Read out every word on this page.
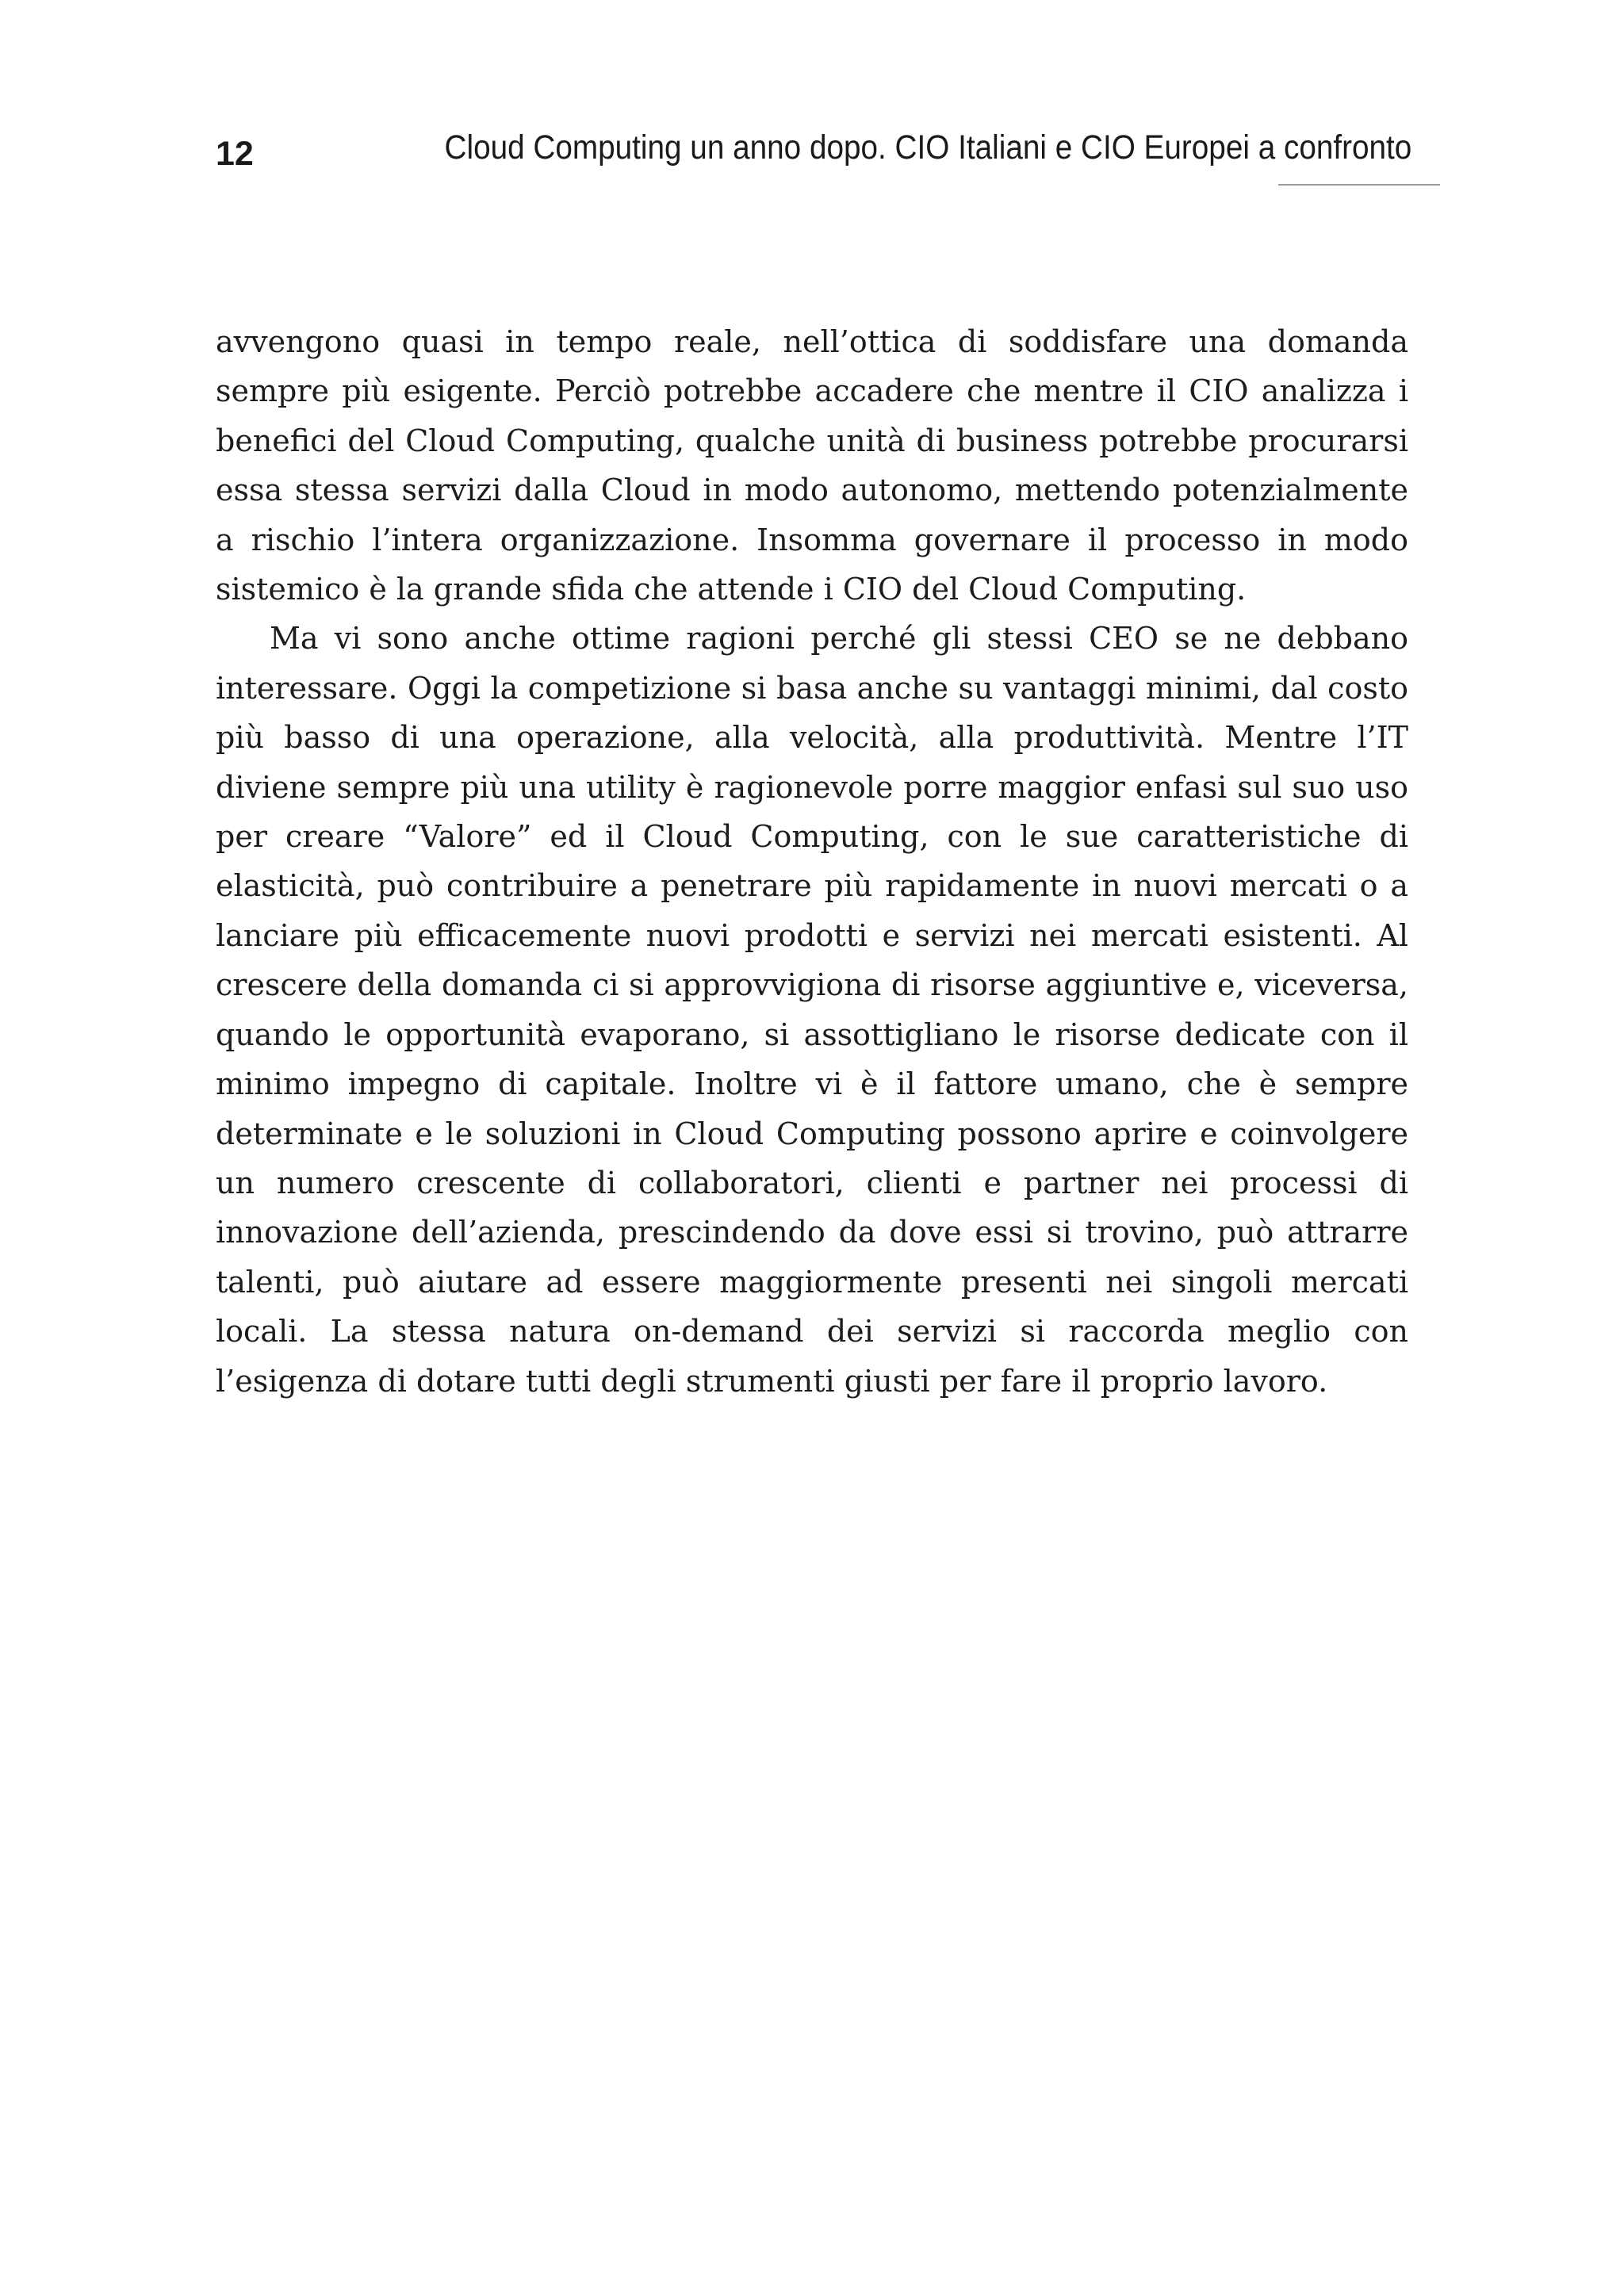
12	Cloud Computing un anno dopo. CIO Italiani e CIO Europei a confronto

avvengono quasi in tempo reale, nell’ottica di soddisfare una domanda sempre più esigente. Perciò potrebbe accadere che mentre il CIO analizza i benefici del Cloud Computing, qualche unità di business potrebbe procurarsi essa stessa servizi dalla Cloud in modo autonomo, mettendo potenzialmente a rischio l’intera organizzazione. Insomma governare il processo in modo sistemico è la grande sfida che attende i CIO del Cloud Computing.

Ma vi sono anche ottime ragioni perché gli stessi CEO se ne debbano interessare. Oggi la competizione si basa anche su vantaggi minimi, dal costo più basso di una operazione, alla velocità, alla produttività. Mentre l’IT diviene sempre più una utility è ragionevole porre maggior enfasi sul suo uso per creare “Valore” ed il Cloud Computing, con le sue caratteristiche di elasticità, può contribuire a penetrare più rapidamente in nuovi mercati o a lanciare più efficacemente nuovi prodotti e servizi nei mercati esistenti. Al crescere della domanda ci si approvvigiona di risorse aggiuntive e, viceversa, quando le opportunità evaporano, si assottigliano le risorse dedicate con il minimo impegno di capitale. Inoltre vi è il fattore umano, che è sempre determinate e le soluzioni in Cloud Computing possono aprire e coinvolgere un numero crescente di collaboratori, clienti e partner nei processi di innovazione dell’azienda, prescindendo da dove essi si trovino, può attrarre talenti, può aiutare ad essere maggiormente presenti nei singoli mercati locali. La stessa natura on-demand dei servizi si raccorda meglio con l’esigenza di dotare tutti degli strumenti giusti per fare il proprio lavoro.
